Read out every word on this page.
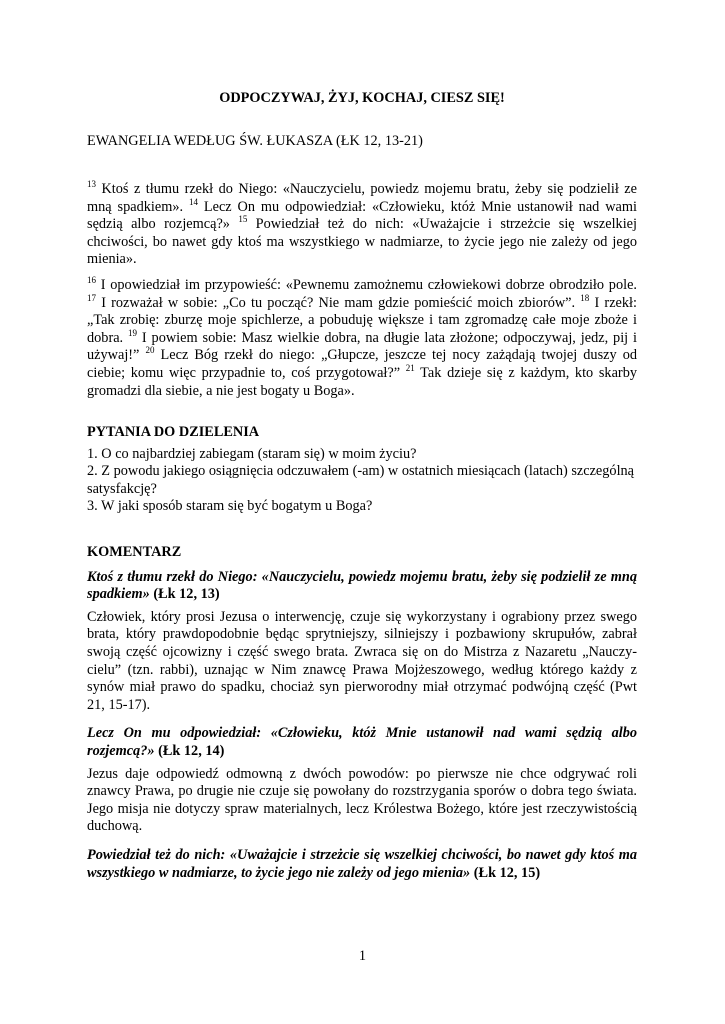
ODPOCZYWAJ, ŻYJ, KOCHAJ, CIESZ SIĘ!
EWANGELIA WEDŁUG ŚW. ŁUKASZA (ŁK 12, 13-21)

$^{13}$ Ktoś z tłumu rzekł do Niego: «Nauczycielu, powiedz mojemu bratu, żeby się podzielił ze mną spadkiem». $^{14}$ Lecz On mu odpowiedział: «Człowieku, któż Mnie ustanowił nad wami sędzią albo rozjemcą?» $^{15}$ Powiedział też do nich: «Uważajcie i strzeżcie się wszelkiej chciwości, bo nawet gdy ktoś ma wszystkiego w nadmiarze, to życie jego nie zależy od jego mienia».

$^{16}$ I opowiedział im przypowieść: «Pewnemu zamożnemu człowiekowi dobrze obrodziło pole. $^{17}$ I rozważał w sobie: „Co tu począć? Nie mam gdzie pomieścić moich zbiorów”. $^{18}$ I rzekł: „Tak zrobię: zburzę moje spichlerze, a pobuduję większe i tam zgromadzę całe moje zboże i dobra. $^{19}$ I powiem sobie: Masz wielkie dobra, na długie lata złożone; odpoczywaj, jedz, pij i używaj!” $^{20}$ Lecz Bóg rzekł do niego: „Głupcze, jeszcze tej nocy zażądają twojej duszy od ciebie; komu więc przypadnie to, coś przygotował?” $^{21}$ Tak dzieje się z każdym, kto skarby gromadzi dla siebie, a nie jest bogaty u Boga».

PYTANIA DO DZIELENIA

1. O co najbardziej zabiegam (staram się) w moim życiu?

2. Z powodu jakiego osiągnięcia odczuwałem (-am) w ostatnich miesiącach (latach) szczególną satysfakcję?

3. W jaki sposób staram się być bogatym u Boga?

KOMENTARZ

Ktoś z tłumu rzekł do Niego: «Nauczycielu, powiedz mojemu bratu, żeby się podzielił ze mną spadkiem» (Łk 12, 13)

Człowiek, który prosi Jezusa o interwencję, czuje się wykorzystany i ograbiony przez swego brata, który prawdopodobnie będąc sprytniejszy, silniejszy i pozbawiony skrupułów, zabrał swoją część ojcowizny i część swego brata. Zwraca się on do Mistrza z Nazaretu „Nauczy-cielu” (tzn. rabbi), uznając w Nim znawcę Prawa Mojżeszowego, według którego każdy z synów miał prawo do spadku, chociaż syn pierworodny miał otrzymać podwójną część (Pwt 21, 15-17).

Lecz On mu odpowiedział: «Człowieku, któż Mnie ustanowił nad wami sędzią albo rozjemcą?» (Łk 12, 14)

Jezus daje odpowiedź odmowną z dwóch powodów: po pierwsze nie chce odgrywać roli znawcy Prawa, po drugie nie czuje się powołany do rozstrzygania sporów o dobra tego świata. Jego misja nie dotyczy spraw materialnych, lecz Królestwa Bożego, które jest rzeczywistością duchową.

Powiedział też do nich: «Uważajcie i strzeżcie się wszelkiej chciwości, bo nawet gdy ktoś ma wszystkiego w nadmiarze, to życie jego nie zależy od jego mienia» (Łk 12, 15)

1
